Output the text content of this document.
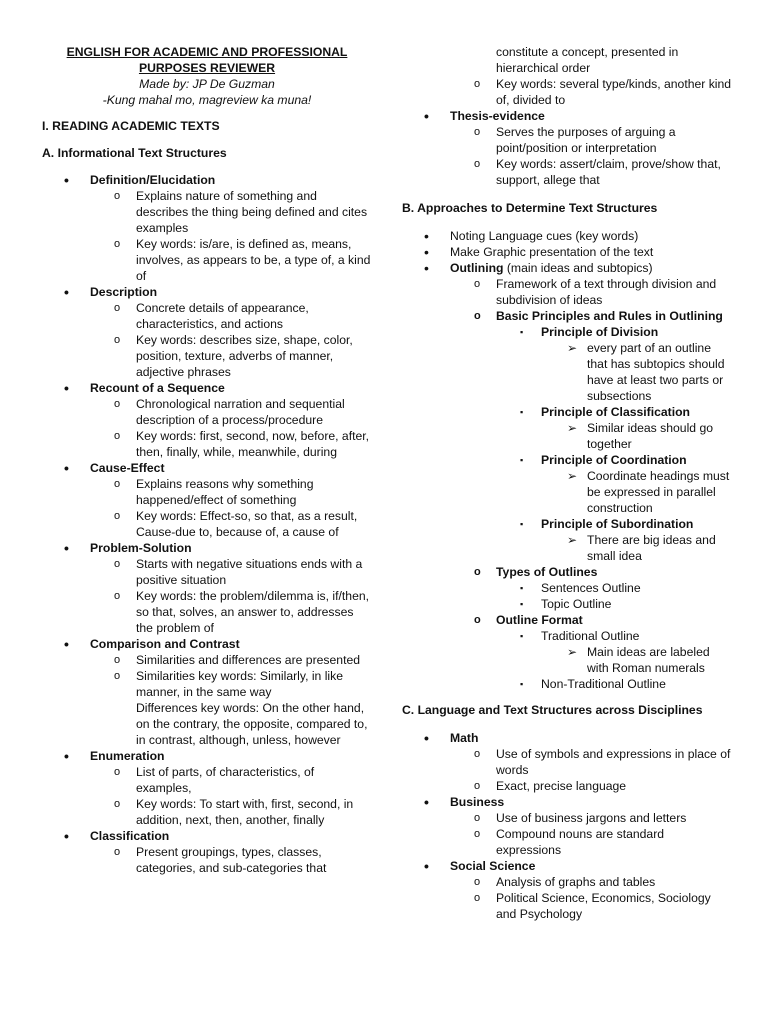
ENGLISH FOR ACADEMIC AND PROFESSIONAL
PURPOSES REVIEWER
Made by: JP De Guzman
-Kung mahal mo, magreview ka muna!
I. READING ACADEMIC TEXTS
A. Informational Text Structures
• Definition/Elucidation
o Explains nature of something and describes the thing being defined and cites examples
o Key words: is/are, is defined as, means, involves, as appears to be, a type of, a kind of
• Description
o Concrete details of appearance, characteristics, and actions
o Key words: describes size, shape, color, position, texture, adverbs of manner, adjective phrases
• Recount of a Sequence
o Chronological narration and sequential description of a process/procedure
o Key words: first, second, now, before, after, then, finally, while, meanwhile, during
• Cause-Effect
o Explains reasons why something happened/effect of something
o Key words: Effect-so, so that, as a result, Cause-due to, because of, a cause of
• Problem-Solution
o Starts with negative situations ends with a positive situation
o Key words: the problem/dilemma is, if/then, so that, solves, an answer to, addresses the problem of
• Comparison and Contrast
o Similarities and differences are presented
o Similarities key words: Similarly, in like manner, in the same way
Differences key words: On the other hand, on the contrary, the opposite, compared to, in contrast, although, unless, however
• Enumeration
o List of parts, of characteristics, of examples,
o Key words: To start with, first, second, in addition, next, then, another, finally
• Classification
o Present groupings, types, classes, categories, and sub-categories that
constitute a concept, presented in hierarchical order
o Key words: several type/kinds, another kind of, divided to
• Thesis-evidence
o Serves the purposes of arguing a point/position or interpretation
o Key words: assert/claim, prove/show that, support, allege that
B. Approaches to Determine Text Structures
• Noting Language cues (key words)
• Make Graphic presentation of the text
• Outlining (main ideas and subtopics)
o Framework of a text through division and subdivision of ideas
o Basic Principles and Rules in Outlining
▪ Principle of Division
➢ every part of an outline that has subtopics should have at least two parts or subsections
▪ Principle of Classification
➢ Similar ideas should go together
▪ Principle of Coordination
➢ Coordinate headings must be expressed in parallel construction
▪ Principle of Subordination
➢ There are big ideas and small idea
o Types of Outlines
▪ Sentences Outline
▪ Topic Outline
o Outline Format
▪ Traditional Outline
➢ Main ideas are labeled with Roman numerals
▪ Non-Traditional Outline
C. Language and Text Structures across Disciplines
• Math
o Use of symbols and expressions in place of words
o Exact, precise language
• Business
o Use of business jargons and letters
o Compound nouns are standard expressions
• Social Science
o Analysis of graphs and tables
o Political Science, Economics, Sociology and Psychology
